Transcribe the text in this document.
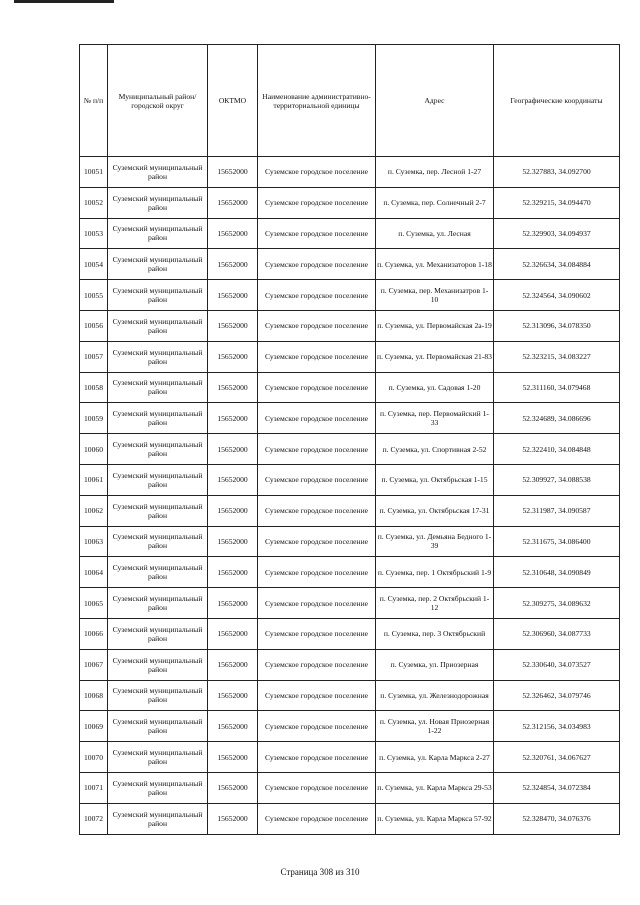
№ п/п	Муниципальный район/городской округ	ОКТМО	Наименование административно-территориальной единицы	Адрес	Географические координаты
10051	Суземский муниципальный район	15652000	Суземское городское поселение	п. Суземка, пер. Лесной 1-27	52.327883, 34.092700
10052	Суземский муниципальный район	15652000	Суземское городское поселение	п. Суземка, пер. Солнечный 2-7	52.329215, 34.094470
10053	Суземский муниципальный район	15652000	Суземское городское поселение	п. Суземка, ул. Лесная	52.329903, 34.094937
10054	Суземский муниципальный район	15652000	Суземское городское поселение	п. Суземка, ул. Механизаторов 1-18	52.326634, 34.084884
10055	Суземский муниципальный район	15652000	Суземское городское поселение	п. Суземка, пер. Механизатров 1-10	52.324564, 34.090602
10056	Суземский муниципальный район	15652000	Суземское городское поселение	п. Суземка, ул. Первомайская 2а-19	52.313096, 34.078350
10057	Суземский муниципальный район	15652000	Суземское городское поселение	п. Суземка, ул. Первомайская 21-83	52.323215, 34.083227
10058	Суземский муниципальный район	15652000	Суземское городское поселение	п. Суземка, ул. Садовая 1-20	52.311160, 34.079468
10059	Суземский муниципальный район	15652000	Суземское городское поселение	п. Суземка, пер. Первомайский 1-33	52.324689, 34.086696
10060	Суземский муниципальный район	15652000	Суземское городское поселение	п. Суземка, ул. Спортивная 2-52	52.322410, 34.084848
10061	Суземский муниципальный район	15652000	Суземское городское поселение	п. Суземка, ул. Октябрьская 1-15	52.309927, 34.088538
10062	Суземский муниципальный район	15652000	Суземское городское поселение	п. Суземка, ул. Октябрьская 17-31	52.311987, 34.090587
10063	Суземский муниципальный район	15652000	Суземское городское поселение	п. Суземка, ул. Демьяна Бедного 1-39	52.311675, 34.086400
10064	Суземский муниципальный район	15652000	Суземское городское поселение	п. Суземка, пер. 1 Октябрьский 1-9	52.310648, 34.090849
10065	Суземский муниципальный район	15652000	Суземское городское поселение	п. Суземка, пер. 2 Октябрьский 1-12	52.309275, 34.089632
10066	Суземский муниципальный район	15652000	Суземское городское поселение	п. Суземка, пер. 3 Октябрьский	52.306960, 34.087733
10067	Суземский муниципальный район	15652000	Суземское городское поселение	п. Суземка, ул. Приозерная	52.330640, 34.073527
10068	Суземский муниципальный район	15652000	Суземское городское поселение	п. Суземка, ул. Железнодорожная	52.326462, 34.079746
10069	Суземский муниципальный район	15652000	Суземское городское поселение	п. Суземка, ул. Новая Приозерная 1-22	52.312156, 34.034983
10070	Суземский муниципальный район	15652000	Суземское городское поселение	п. Суземка, ул. Карла Маркса 2-27	52.320761, 34.067627
10071	Суземский муниципальный район	15652000	Суземское городское поселение	п. Суземка, ул. Карла Маркса 29-53	52.324854, 34.072384
10072	Суземский муниципальный район	15652000	Суземское городское поселение	п. Суземка, ул. Карла Маркса 57-92	52.328470, 34.076376
Страница 308 из 310
